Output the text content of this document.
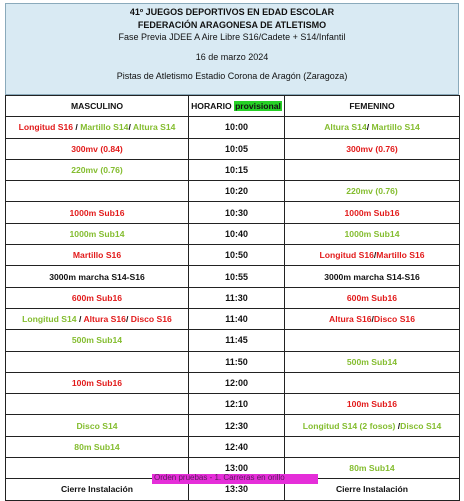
41º JUEGOS DEPORTIVOS EN EDAD ESCOLAR
FEDERACIÓN ARAGONESA DE ATLETISMO
Fase Previa JDEE A Aire Libre S16/Cadete + S14/Infantil
16 de marzo 2024
Pistas de Atletismo Estadio Corona de Aragón (Zaragoza)
MASCULINO	HORARIO provisional	FEMENINO
Longitud S16 / Martillo S14/ Altura S14	10:00	Altura S14/ Martillo S14
300mv (0.84)	10:05	300mv (0.76)
220mv (0.76)	10:15	
	10:20	220mv (0.76)
1000m Sub16	10:30	1000m Sub16
1000m Sub14	10:40	1000m Sub14
Martillo S16	10:50	Longitud S16/Martillo S16
3000m marcha S14-S16	10:55	3000m marcha S14-S16
600m Sub16	11:30	600m Sub16
Longitud S14 / Altura S16/ Disco S16	11:40	Altura S16/Disco S16
500m Sub14	11:45	
	11:50	500m Sub14
100m Sub16	12:00	
	12:10	100m Sub16
Disco S14	12:30	Longitud S14 (2 fosos) /Disco S14
80m Sub14	12:40	
	13:00	80m Sub14
Cierre Instalación	13:30	Cierre Instalación
Orden pruebas - 1. Carreras en orillo
